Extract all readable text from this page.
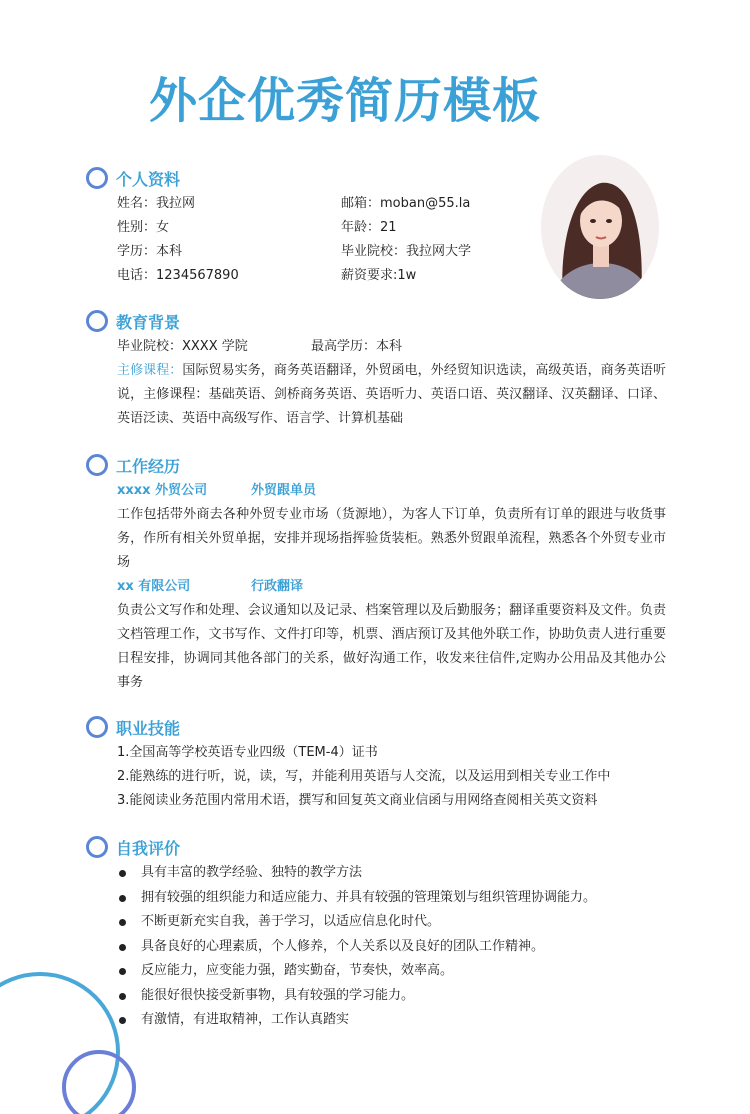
外企优秀简历模板
个人资料
姓名：我拉网	邮箱：moban@55.la
性别：女	年龄：21
学历：本科	毕业院校：我拉网大学
电话：1234567890	薪资要求:1w
教育背景
毕业院校：XXXX 学院	最高学历：本科
主修课程：国际贸易实务，商务英语翻译，外贸函电，外经贸知识选读，高级英语，商务英语听说，主修课程：基础英语、剑桥商务英语、英语听力、英语口语、英汉翻译、汉英翻译、口译、英语泛读、英语中高级写作、语言学、计算机基础
工作经历
xxxx 外贸公司	外贸跟单员
工作包括带外商去各种外贸专业市场（货源地），为客人下订单，负责所有订单的跟进与收货事务，作所有相关外贸单据，安排并现场指挥验货装柜。熟悉外贸跟单流程，熟悉各个外贸专业市场
xx 有限公司	行政翻译
负责公文写作和处理、会议通知以及记录、档案管理以及后勤服务；翻译重要资料及文件。负责文档管理工作，文书写作、文件打印等，机票、酒店预订及其他外联工作，协助负责人进行重要日程安排，协调同其他各部门的关系，做好沟通工作，收发来往信件,定购办公用品及其他办公事务
职业技能
1.全国高等学校英语专业四级（TEM-4）证书
2.能熟练的进行听，说，读，写，并能利用英语与人交流，以及运用到相关专业工作中
3.能阅读业务范围内常用术语，撰写和回复英文商业信函与用网络查阅相关英文资料
自我评价
具有丰富的教学经验、独特的教学方法
拥有较强的组织能力和适应能力、并具有较强的管理策划与组织管理协调能力。
不断更新充实自我，善于学习，以适应信息化时代。
具备良好的心理素质，个人修养，个人关系以及良好的团队工作精神。
反应能力，应变能力强，踏实勤奋，节奏快，效率高。
能很好很快接受新事物，具有较强的学习能力。
有激情，有进取精神，工作认真踏实
